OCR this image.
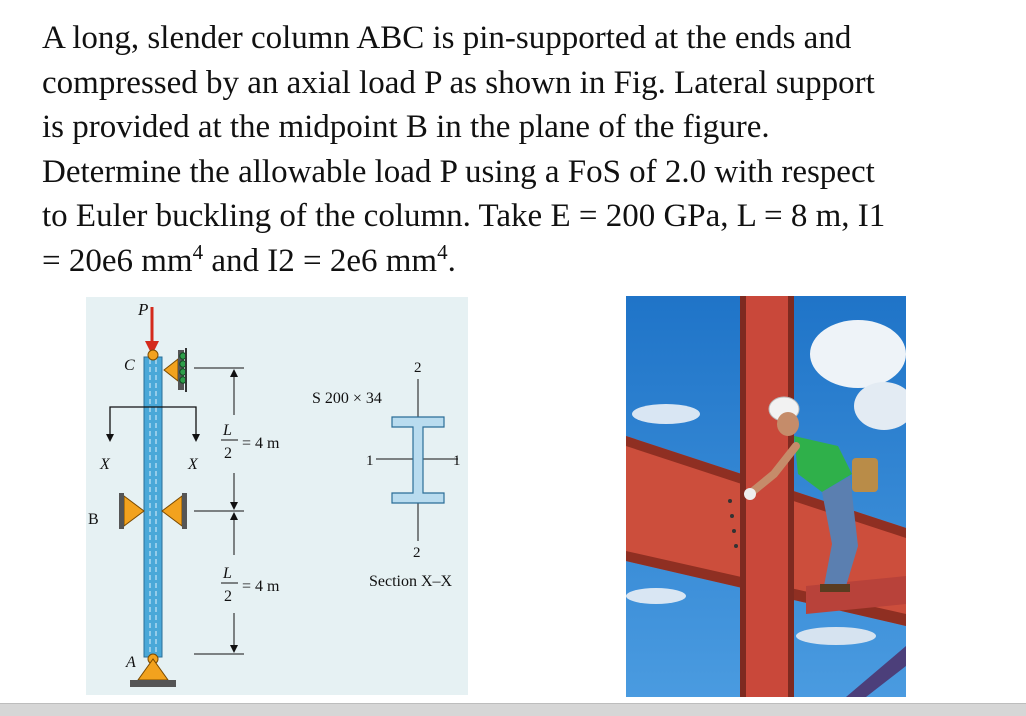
A long, slender column ABC is pin-supported at the ends and
compressed by an axial load P as shown in Fig. Lateral support
is provided at the midpoint B in the plane of the figure.
Determine the allowable load P using a FoS of 2.0 with respect
to Euler buckling of the column. Take E = 200 GPa, L = 8 m, I1
= 20e6 $mm^4$ and I2 = 2e6 $mm^4$.
P
C
X	X
B
A
L
2
= 4 m
L
2
= 4 m
S 200 × 34
2
1	1
2
Section X–X
